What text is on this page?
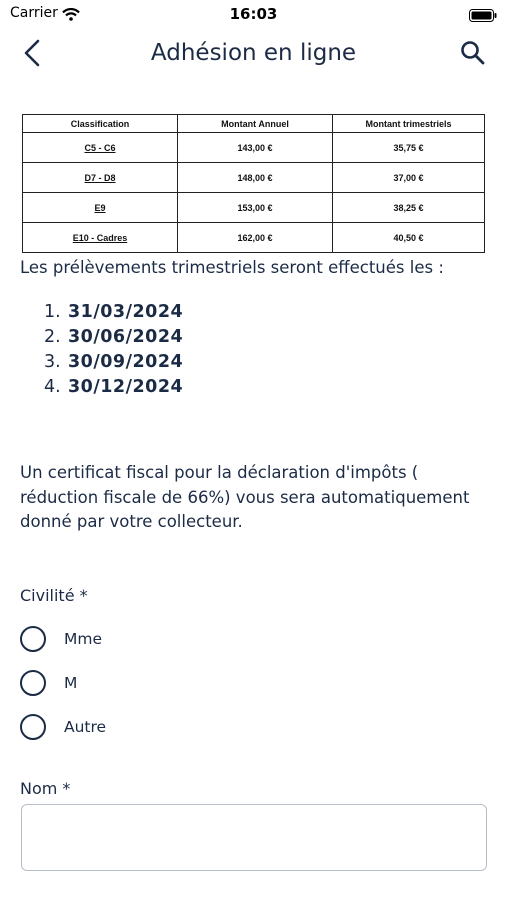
Carrier	16:03
Adhésion en ligne
Classification	Montant Annuel	Montant trimestriels
C5 - C6	143,00 €	35,75 €
D7 - D8	148,00 €	37,00 €
E9	153,00 €	38,25 €
E10 - Cadres	162,00 €	40,50 €
Les prélèvements trimestriels seront effectués les :
1. 31/03/2024
2. 30/06/2024
3. 30/09/2024
4. 30/12/2024
Un certificat fiscal pour la déclaration d'impôts ( réduction fiscale de 66%) vous sera automatiquement donné par votre collecteur.
Civilité *
Mme
M
Autre
Nom *
